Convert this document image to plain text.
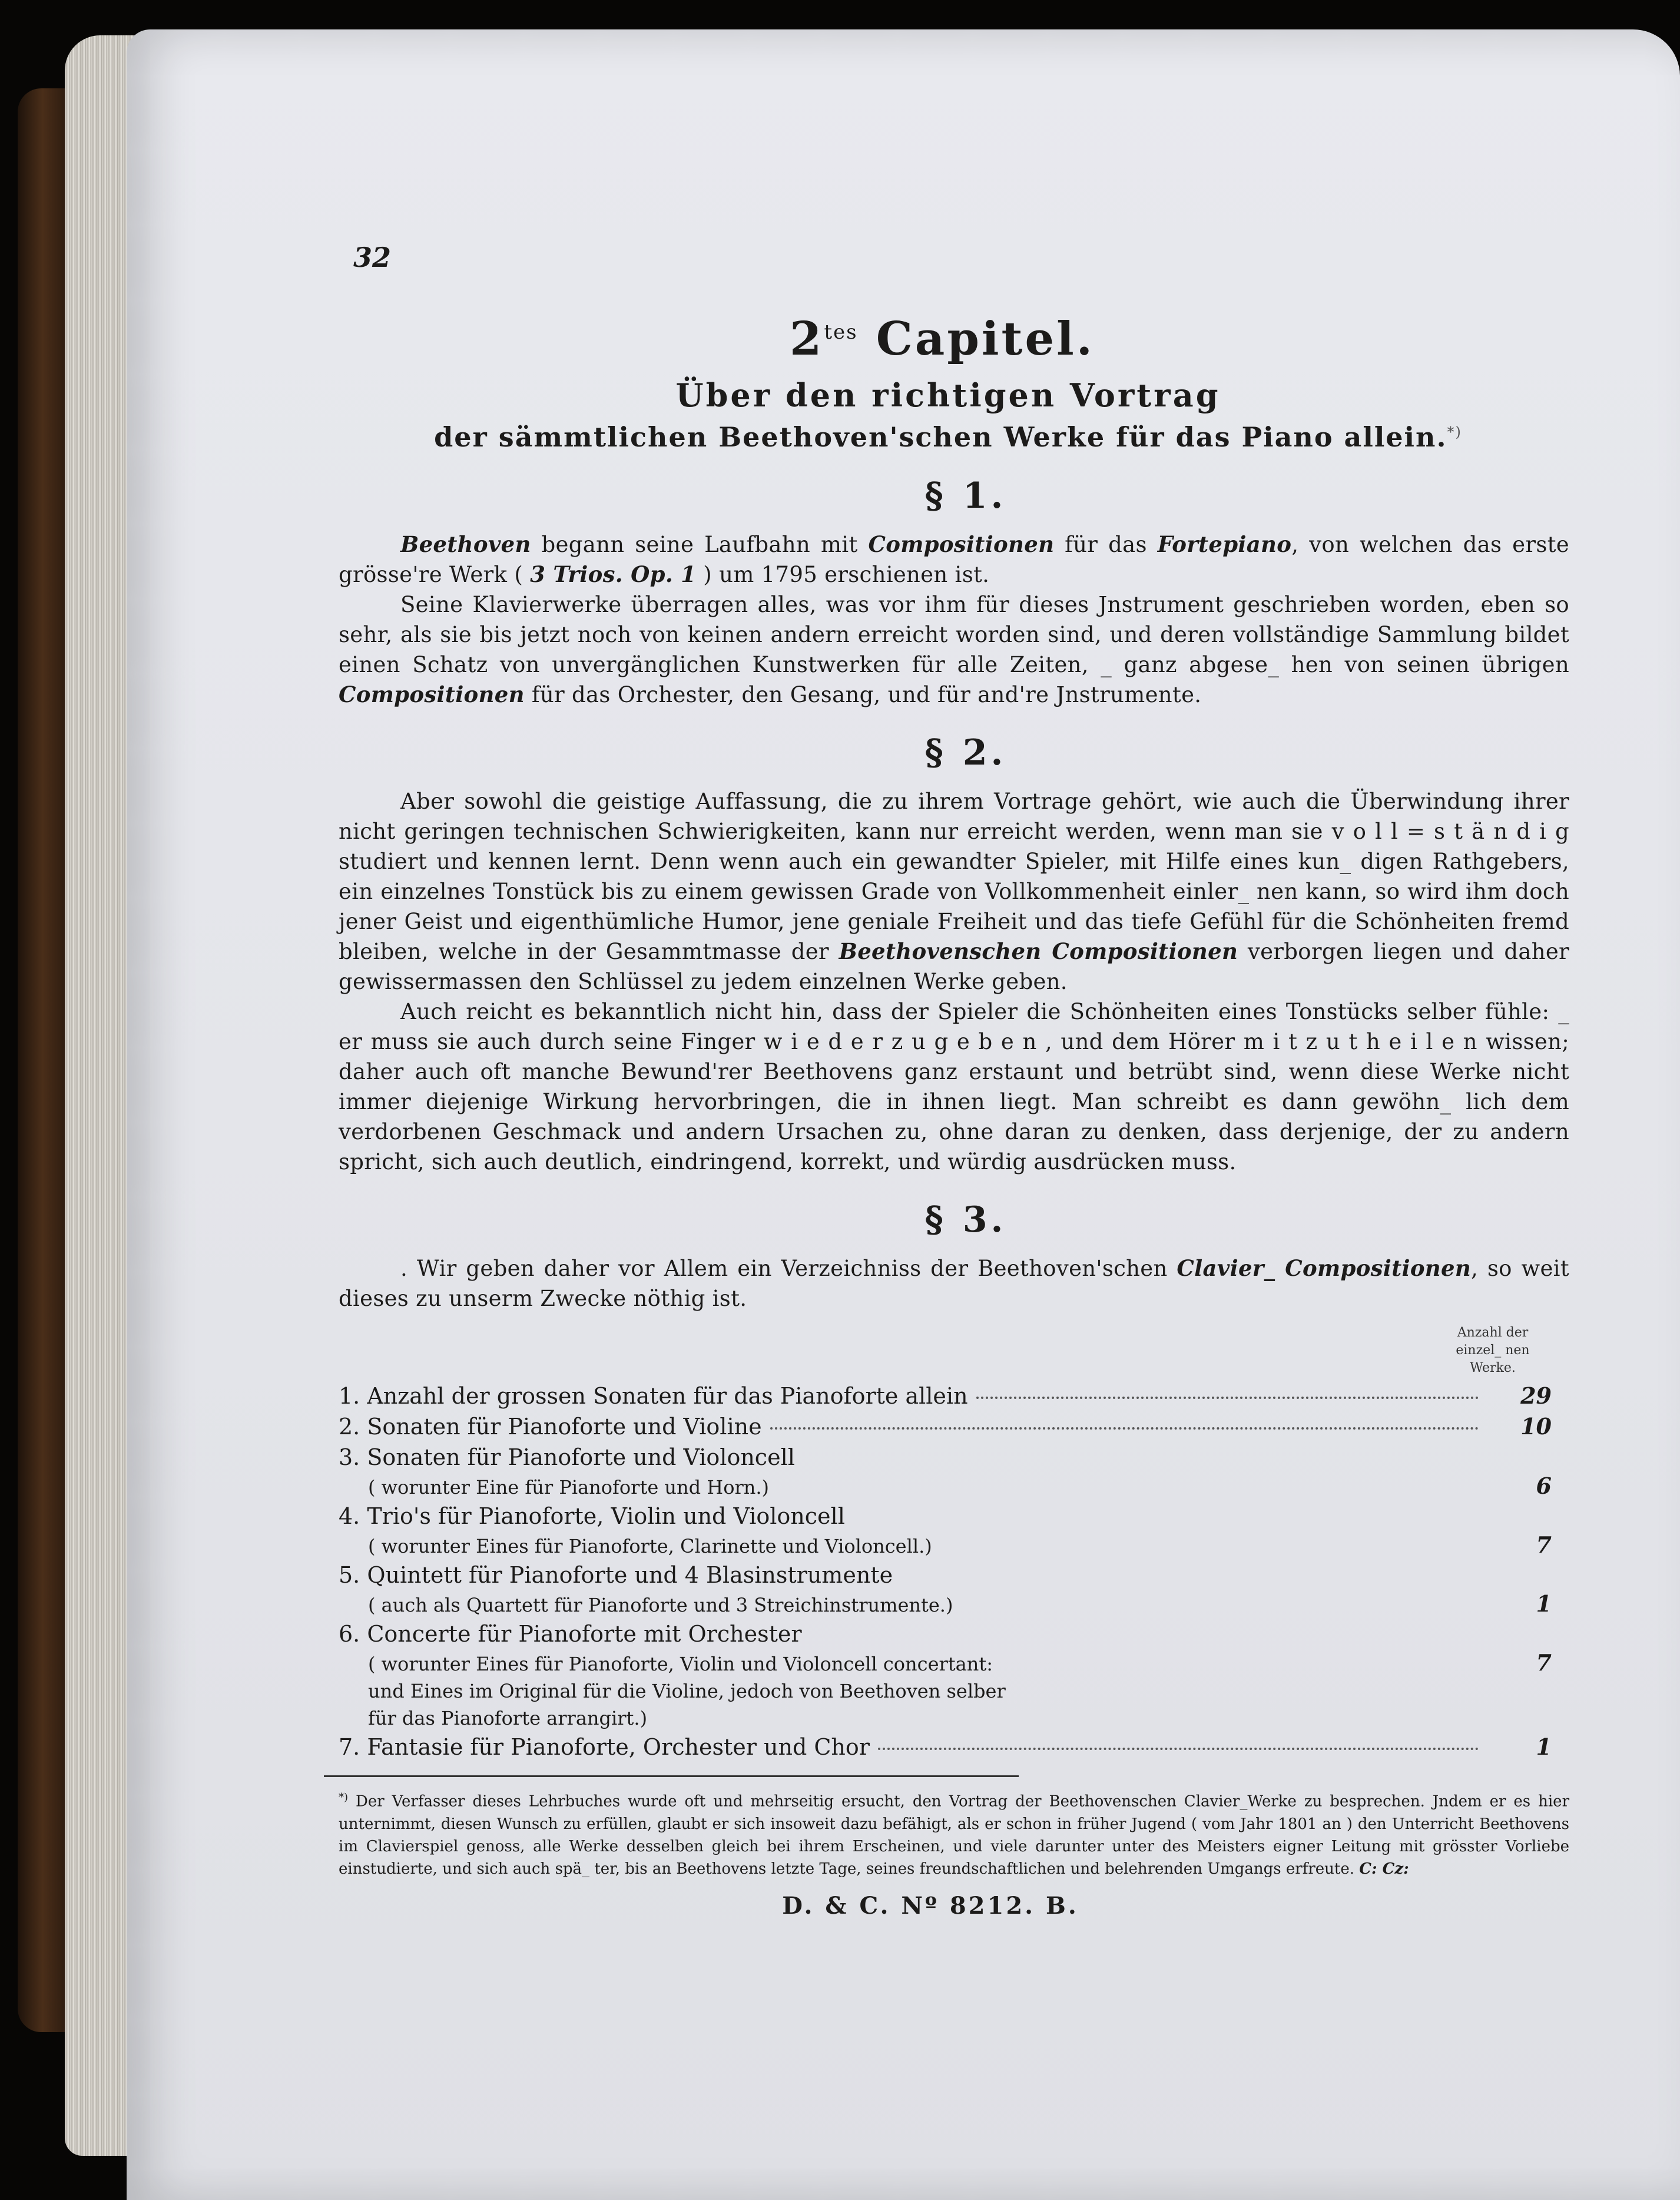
32
$2^{tes}$ Capitel.
Über den richtigen Vortrag
der sämmtlichen Beethoven'schen Werke für das Piano allein.*)
§ 1.

Beethoven begann seine Laufbahn mit Compositionen für das Fortepiano, von welchen das erste grösse're Werk ( 3 Trios. Op. 1 ) um 1795 erschienen ist.

Seine Klavierwerke überragen alles, was vor ihm für dieses Jnstrument geschrieben worden, eben so sehr, als sie bis jetzt noch von keinen andern erreicht worden sind, und deren vollständige Sammlung bildet einen Schatz von unvergänglichen Kunstwerken für alle Zeiten, _ ganz abgese_ hen von seinen übrigen Compositionen für das Orchester, den Gesang, und für and're Jnstrumente.

§ 2.

Aber sowohl die geistige Auffassung, die zu ihrem Vortrage gehört, wie auch die Überwindung ihrer nicht geringen technischen Schwierigkeiten, kann nur erreicht werden, wenn man sie v o l l = s t ä n d i g studiert und kennen lernt. Denn wenn auch ein gewandter Spieler, mit Hilfe eines kun_ digen Rathgebers, ein einzelnes Tonstück bis zu einem gewissen Grade von Vollkommenheit einler_ nen kann, so wird ihm doch jener Geist und eigenthümliche Humor, jene geniale Freiheit und das tiefe Gefühl für die Schönheiten fremd bleiben, welche in der Gesammtmasse der Beethovenschen Compositionen verborgen liegen und daher gewissermassen den Schlüssel zu jedem einzelnen Werke geben.

Auch reicht es bekanntlich nicht hin, dass der Spieler die Schönheiten eines Tonstücks selber fühle: _ er muss sie auch durch seine Finger w i e d e r z u g e b e n , und dem Hörer m i t z u t h e i l e n wissen; daher auch oft manche Bewund'rer Beethovens ganz erstaunt und betrübt sind, wenn diese Werke nicht immer diejenige Wirkung hervorbringen, die in ihnen liegt. Man schreibt es dann gewöhn_ lich dem verdorbenen Geschmack und andern Ursachen zu, ohne daran zu denken, dass derjenige, der zu andern spricht, sich auch deutlich, eindringend, korrekt, und würdig ausdrücken muss.

§ 3.

. Wir geben daher vor Allem ein Verzeichniss der Beethoven'schen Clavier_ Compositionen, so weit dieses zu unserm Zwecke nöthig ist.

Anzahl der einzel_ nen Werke.
1. Anzahl der grossen Sonaten für das Pianoforte allein	29
2. Sonaten für Pianoforte und Violine	10
3. Sonaten für Pianoforte und Violoncell
( worunter Eine für Pianoforte und Horn.)	6
4. Trio's für Pianoforte, Violin und Violoncell
( worunter Eines für Pianoforte, Clarinette und Violoncell.)	7
5. Quintett für Pianoforte und 4 Blasinstrumente
( auch als Quartett für Pianoforte und 3 Streichinstrumente.)	1
6. Concerte für Pianoforte mit Orchester
( worunter Eines für Pianoforte, Violin und Violoncell concertant:	7
und Eines im Original für die Violine, jedoch von Beethoven selber
für das Pianoforte arrangirt.)
7. Fantasie für Pianoforte, Orchester und Chor	1

*) Der Verfasser dieses Lehrbuches wurde oft und mehrseitig ersucht, den Vortrag der Beethovenschen Clavier_Werke zu besprechen. Jndem er es hier unternimmt, diesen Wunsch zu erfüllen, glaubt er sich insoweit dazu befähigt, als er schon in früher Jugend ( vom Jahr 1801 an ) den Unterricht Beethovens im Clavierspiel genoss, alle Werke desselben gleich bei ihrem Erscheinen, und viele darunter unter des Meisters eigner Leitung mit grösster Vorliebe einstudierte, und sich auch spä_ ter, bis an Beethovens letzte Tage, seines freundschaftlichen und belehrenden Umgangs erfreute. C: Cz:

D. & C. Nº 8212. B.
